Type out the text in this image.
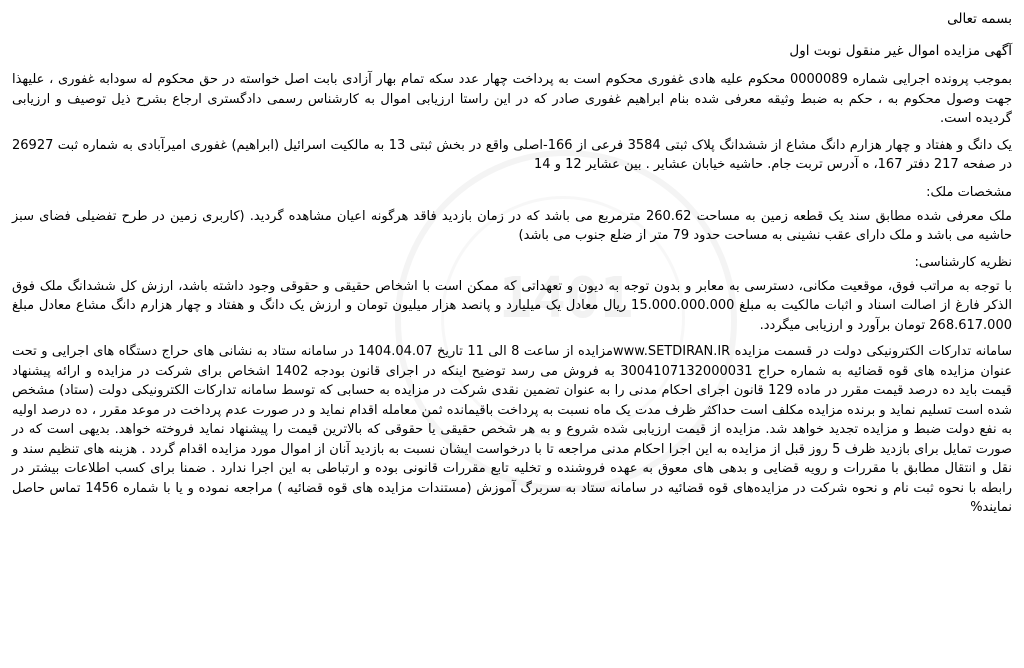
1401
بسمه تعالی
آگهی مزایده اموال غیر منقول نوبت اول

بموجب پرونده اجرایی شماره 0000089 محکوم علیه هادی غفوری محکوم است به پرداخت چهار عدد سکه تمام بهار آزادی بابت اصل خواسته در حق محکوم له سودابه غفوری ، علیهذا جهت وصول محکوم به ، حکم به ضبط وثیقه معرفی شده بنام ابراهیم غفوری صادر که در این راستا ارزیابی اموال به کارشناس رسمی دادگستری ارجاع بشرح ذیل توصیف و ارزیابی گردیده است.

یک دانگ و هفتاد و چهار هزارم دانگ مشاع از ششدانگ پلاک ثبتی 3584 فرعی از 166-اصلی واقع در بخش ثبتی 13 به مالکیت اسرائیل (ابراهیم) غفوری امیرآبادی به شماره ثبت 26927 در صفحه 217 دفتر 167، ه آدرس تربت جام. حاشیه خیابان عشایر . بین عشایر 12 و 14

مشخصات ملک:

ملک معرفی شده مطابق سند یک قطعه زمین به مساحت 260.62 مترمربع می باشد که در زمان بازدید فاقد هرگونه اعیان مشاهده گردید. (کاربری زمین در طرح تفضیلی فضای سبز حاشیه می باشد و ملک دارای عقب نشینی به مساحت حدود 79 متر از ضلع جنوب می باشد)

نظریه کارشناسی:

با توجه به مراتب فوق، موقعیت مکانی، دسترسی به معابر و بدون توجه به دیون و تعهداتی که ممکن است با اشخاص حقیقی و حقوقی وجود داشته باشد، ارزش کل ششدانگ ملک فوق الذکر فارغ از اصالت اسناد و اثبات مالکیت به مبلغ 15.000.000.000 ریال معادل یک میلیارد و پانصد هزار میلیون تومان و ارزش یک دانگ و هفتاد و چهار هزارم دانگ مشاع معادل مبلغ 268.617.000 تومان برآورد و ارزیابی میگردد.

سامانه تدارکات الکترونیکی دولت در قسمت مزایده www.SETDIRAN.IRمزایده از ساعت 8 الی 11 تاریخ 1404.04.07 در سامانه ستاد به نشانی های حراج دستگاه های اجرایی و تحت عنوان مزایده های قوه قضائیه به شماره حراج 3004107132000031 به فروش می رسد توضیح اینکه در اجرای قانون بودجه 1402 اشخاص برای شرکت در مزایده و ارائه پیشنهاد قیمت باید ده درصد قیمت مقرر در ماده 129 قانون اجرای احکام مدنی را به عنوان تضمین نقدی شرکت در مزایده به حسابی که توسط سامانه تدارکات الکترونیکی دولت (ستاد) مشخص شده است تسلیم نماید و برنده مزایده مکلف است حداکثر ظرف مدت یک ماه نسبت به پرداخت باقیمانده ثمن معامله اقدام نماید و در صورت عدم پرداخت در موعد مقرر ، ده درصد اولیه به نفع دولت ضبط و مزایده تجدید خواهد شد. مزایده از قیمت ارزیابی شده شروع و به هر شخص حقیقی یا حقوقی که بالاترین قیمت را پیشنهاد نماید فروخته خواهد. بدیهی است که در صورت تمایل برای بازدید ظرف 5 روز قبل از مزایده به این اجرا احکام مدنی مراجعه تا با درخواست ایشان نسبت به بازدید آنان از اموال مورد مزایده اقدام گردد . هزینه های تنظیم سند و نقل و انتقال مطابق با مقررات و رویه قضایی و بدهی های معوق به عهده فروشنده و تخلیه تابع مقررات قانونی بوده و ارتباطی به این اجرا ندارد . ضمنا برای کسب اطلاعات بیشتر در رابطه با نحوه ثبت نام و نحوه شرکت در مزایده‌های قوه قضائیه در سامانه ستاد به سربرگ آموزش (مستندات مزایده های قوه قضائیه ) مراجعه نموده و یا با شماره 1456 تماس حاصل نمایند%
